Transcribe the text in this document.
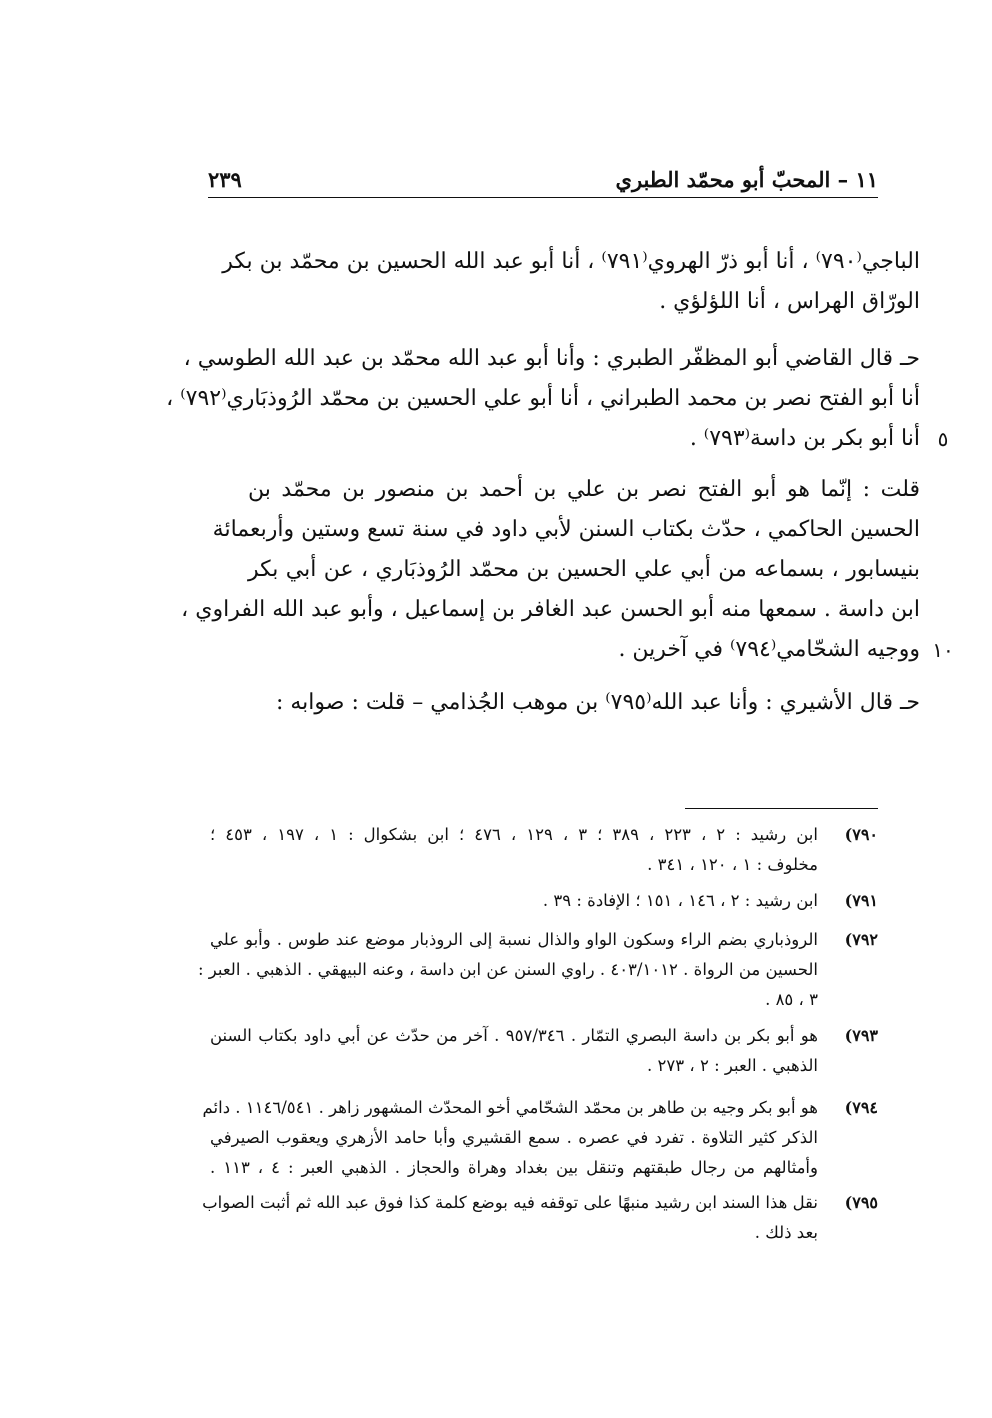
١١ – المحبّ أبو محمّد الطبري
٢٣٩
الباجي⁽٧٩٠⁾ ، أنا أبو ذرّ الهروي⁽٧٩١⁾ ، أنا أبو عبد الله الحسين بن محمّد بن بكر
الورّاق الهراس ، أنا اللؤلؤي .
حـ قال القاضي أبو المظفّر الطبري : وأنا أبو عبد الله محمّد بن عبد الله الطوسي ،
أنا أبو الفتح نصر بن محمد الطبراني ، أنا أبو علي الحسين بن محمّد الرُوذبَاري⁽٧٩٢⁾ ،
أنا أبو بكر بن داسة⁽٧٩٣⁾ . ٥
قلت : إنّما هو أبو الفتح نصر بن علي بن أحمد بن منصور بن محمّد بن
الحسين الحاكمي ، حدّث بكتاب السنن لأبي داود في سنة تسع وستين وأربعمائة
بنيسابور ، بسماعه من أبي علي الحسين بن محمّد الرُوذبَاري ، عن أبي بكر
ابن داسة . سمعها منه أبو الحسن عبد الغافر بن إسماعيل ، وأبو عبد الله الفراوي ،
ووجيه الشحّامي⁽٧٩٤⁾ في آخرين . ١٠
حـ قال الأشيري : وأنا عبد الله⁽٧٩٥⁾ بن موهب الجُذامي – قلت : صوابه :
٧٩٠)
ابن رشيد : ٢ ، ٢٢٣ ، ٣٨٩ ؛ ٣ ، ١٢٩ ، ٤٧٦ ؛ ابن بشكوال : ١ ، ١٩٧ ، ٤٥٣ ؛
مخلوف : ١ ، ١٢٠ ، ٣٤١ .
٧٩١)
ابن رشيد : ٢ ، ١٤٦ ، ١٥١ ؛ الإفادة : ٣٩ .
٧٩٢)
الروذباري بضم الراء وسكون الواو والذال نسبة إلى الروذبار موضع عند طوس . وأبو علي
الحسين من الرواة . ٤٠٣/١٠١٢ . راوي السنن عن ابن داسة ، وعنه البيهقي . الذهبي . العبر :
٣ ، ٨٥ .
٧٩٣)
هو أبو بكر بن داسة البصري التمّار . ٩٥٧/٣٤٦ . آخر من حدّث عن أبي داود بكتاب السنن
الذهبي . العبر : ٢ ، ٢٧٣ .
٧٩٤)
هو أبو بكر وجيه بن طاهر بن محمّد الشحّامي أخو المحدّث المشهور زاهر . ١١٤٦/٥٤١ . دائم
الذكر كثير التلاوة . تفرد في عصره . سمع القشيري وأبا حامد الأزهري ويعقوب الصيرفي
وأمثالهم من رجال طبقتهم وتنقل بين بغداد وهراة والحجاز . الذهبي العبر : ٤ ، ١١٣ .
٧٩٥)
نقل هذا السند ابن رشيد منبهًا على توقفه فيه بوضع كلمة كذا فوق عبد الله ثم أثبت الصواب
بعد ذلك .
